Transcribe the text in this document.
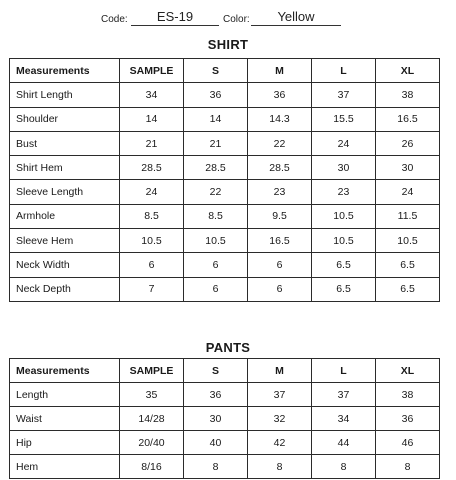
Code:	ES-19	Color:	Yellow
SHIRT
Measurements	SAMPLE	S	M	L	XL
Shirt Length	34	36	36	37	38
Shoulder	14	14	14.3	15.5	16.5
Bust	21	21	22	24	26
Shirt Hem	28.5	28.5	28.5	30	30
Sleeve Length	24	22	23	23	24
Armhole	8.5	8.5	9.5	10.5	11.5
Sleeve Hem	10.5	10.5	16.5	10.5	10.5
Neck Width	6	6	6	6.5	6.5
Neck Depth	7	6	6	6.5	6.5
PANTS
Measurements	SAMPLE	S	M	L	XL
Length	35	36	37	37	38
Waist	14/28	30	32	34	36
Hip	20/40	40	42	44	46
Hem	8/16	8	8	8	8
